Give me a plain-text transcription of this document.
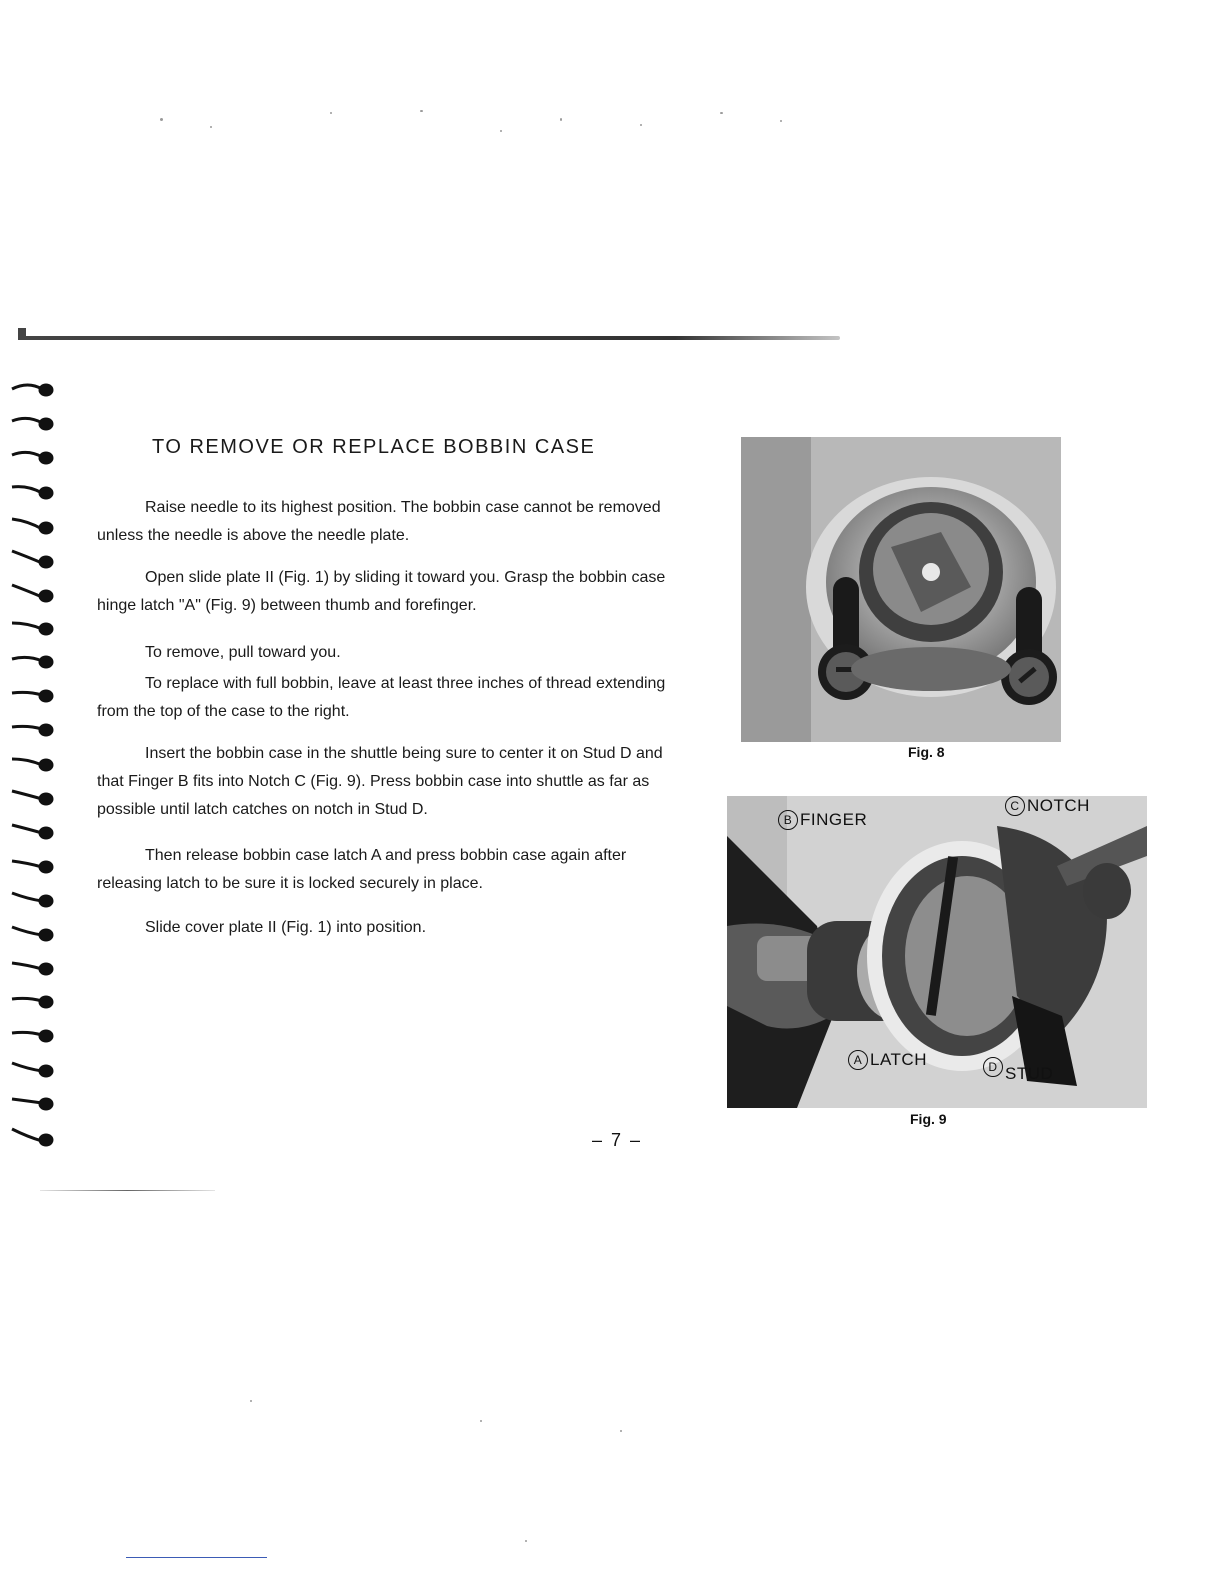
TO REMOVE OR REPLACE BOBBIN CASE
Raise needle to its highest position. The bobbin case cannot be removed unless the needle is above the needle plate.
Open slide plate II (Fig. 1) by sliding it toward you. Grasp the bobbin case hinge latch "A" (Fig. 9) between thumb and forefinger.
To remove, pull toward you.
To replace with full bobbin, leave at least three inches of thread extending from the top of the case to the right.
Insert the bobbin case in the shuttle being sure to center it on Stud D and that Finger B fits into Notch C (Fig. 9). Press bobbin case into shuttle as far as possible until latch catches on notch in Stud D.
Then release bobbin case latch A and press bobbin case again after releasing latch to be sure it is locked securely in place.
Slide cover plate II (Fig. 1) into position.
Fig. 8
B FINGER
C NOTCH
A LATCH	D STUD
Fig. 9
– 7 –
